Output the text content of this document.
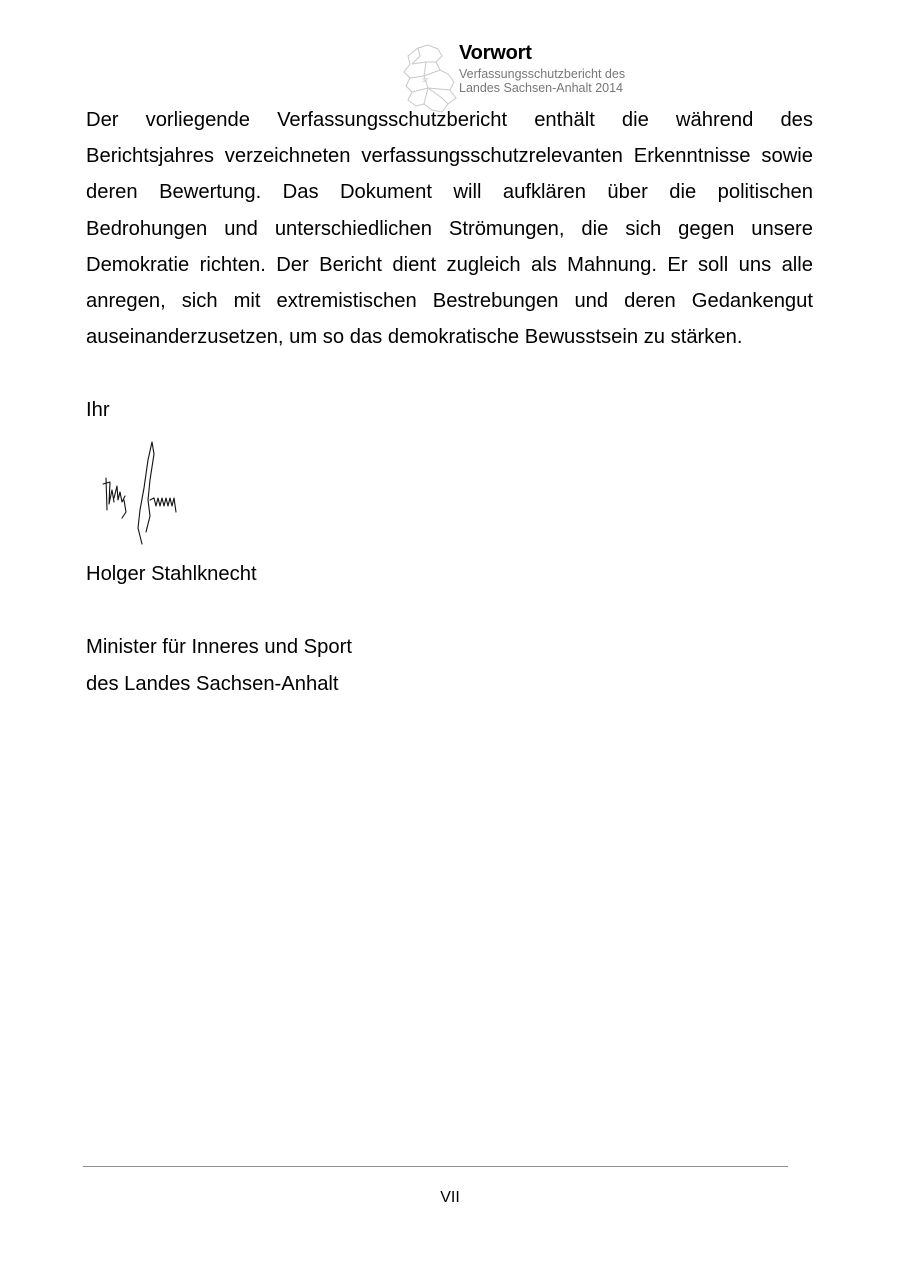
ST
Vorwort
Verfassungsschutzbericht des
Landes Sachsen-Anhalt 2014

Der vorliegende Verfassungsschutzbericht enthält die während des Berichtsjahres verzeichneten verfassungsschutzrelevanten Erkenntnisse sowie deren Bewertung. Das Dokument will aufklären über die politischen Bedrohungen und unterschiedlichen Strömungen, die sich gegen unsere Demokratie richten. Der Bericht dient zugleich als Mahnung. Er soll uns alle anregen, sich mit extremistischen Bestrebungen und deren Gedankengut auseinanderzusetzen, um so das demokratische Bewusstsein zu stärken.

Ihr
Holger Stahlknecht
Minister für Inneres und Sport
des Landes Sachsen-Anhalt
VII
